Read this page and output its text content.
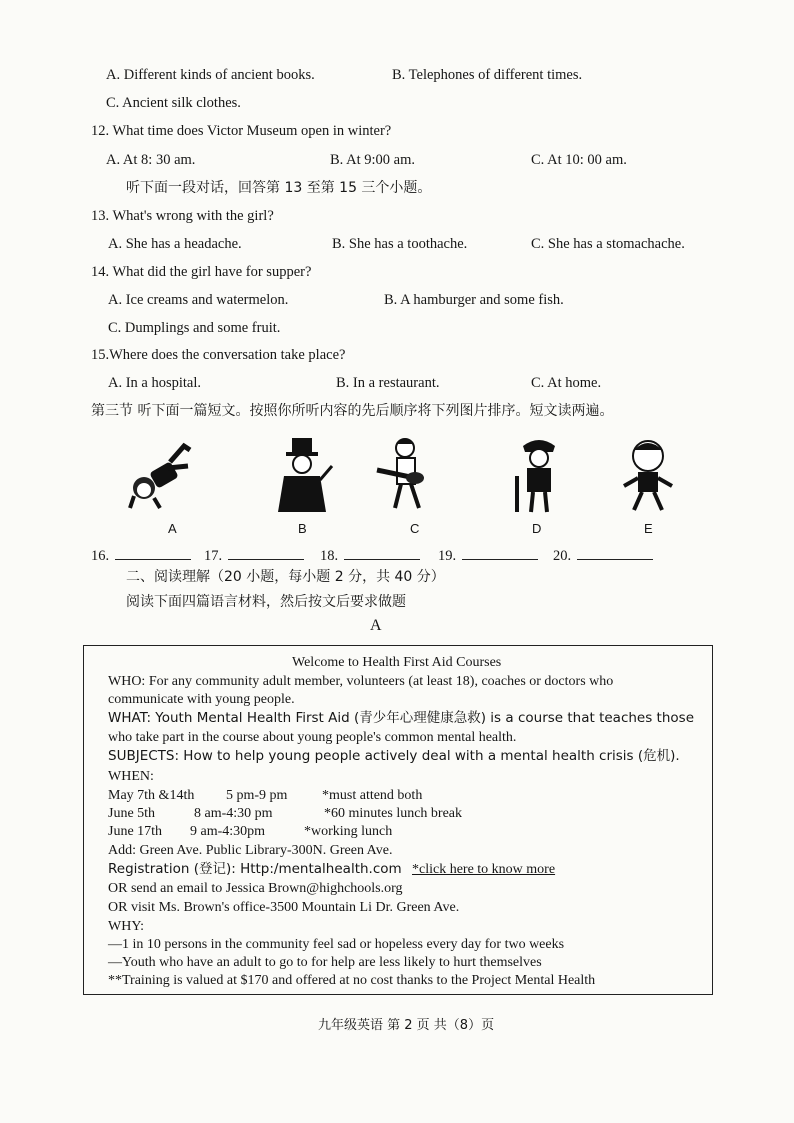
A. Different kinds of ancient books.	B. Telephones of different times.
C. Ancient silk clothes.
12. What time does Victor Museum open in winter?
A. At 8: 30 am.	B. At 9:00 am.	C. At 10: 00 am.
听下面一段对话，回答第 13 至第 15 三个小题。
13. What's wrong with the girl?
A. She has a headache.	B. She has a toothache.	C. She has a stomachache.
14. What did the girl have for supper?
A. Ice creams and watermelon.	B. A hamburger and some fish.
C. Dumplings and some fruit.
15.Where does the conversation take place?
A. In a hospital.	B. In a restaurant.	C. At home.
第三节 听下面一篇短文。按照你所听内容的先后顺序将下列图片排序。短文读两遍。
A	B	C	D	E
16.	17.	18.	19.	20.
二、阅读理解（20 小题，每小题 2 分，共 40 分）
阅读下面四篇语言材料，然后按文后要求做题
A
Welcome to Health First Aid Courses
WHO: For any community adult member, volunteers (at least 18), coaches or doctors who
communicate with young people.
WHAT: Youth Mental Health First Aid (青少年心理健康急救) is a course that teaches those
who take part in the course about young people's common mental health.
SUBJECTS: How to help young people actively deal with a mental health crisis (危机).
WHEN:
May 7th &14th 5 pm-9 pm *must attend both
June 5th	8 am-4:30 pm	*60 minutes lunch break
June 17th 9 am-4:30pm	*working lunch
Add: Green Ave. Public Library-300N. Green Ave.
Registration (登记): Http:/mentalhealth.com *click here to know more
OR send an email to Jessica Brown@highchools.org
OR visit Ms. Brown's office-3500 Mountain Li Dr. Green Ave.
WHY:
—1 in 10 persons in the community feel sad or hopeless every day for two weeks
—Youth who have an adult to go to for help are less likely to hurt themselves
**Training is valued at $170 and offered at no cost thanks to the Project Mental Health
九年级英语 第 2 页 共（8）页
